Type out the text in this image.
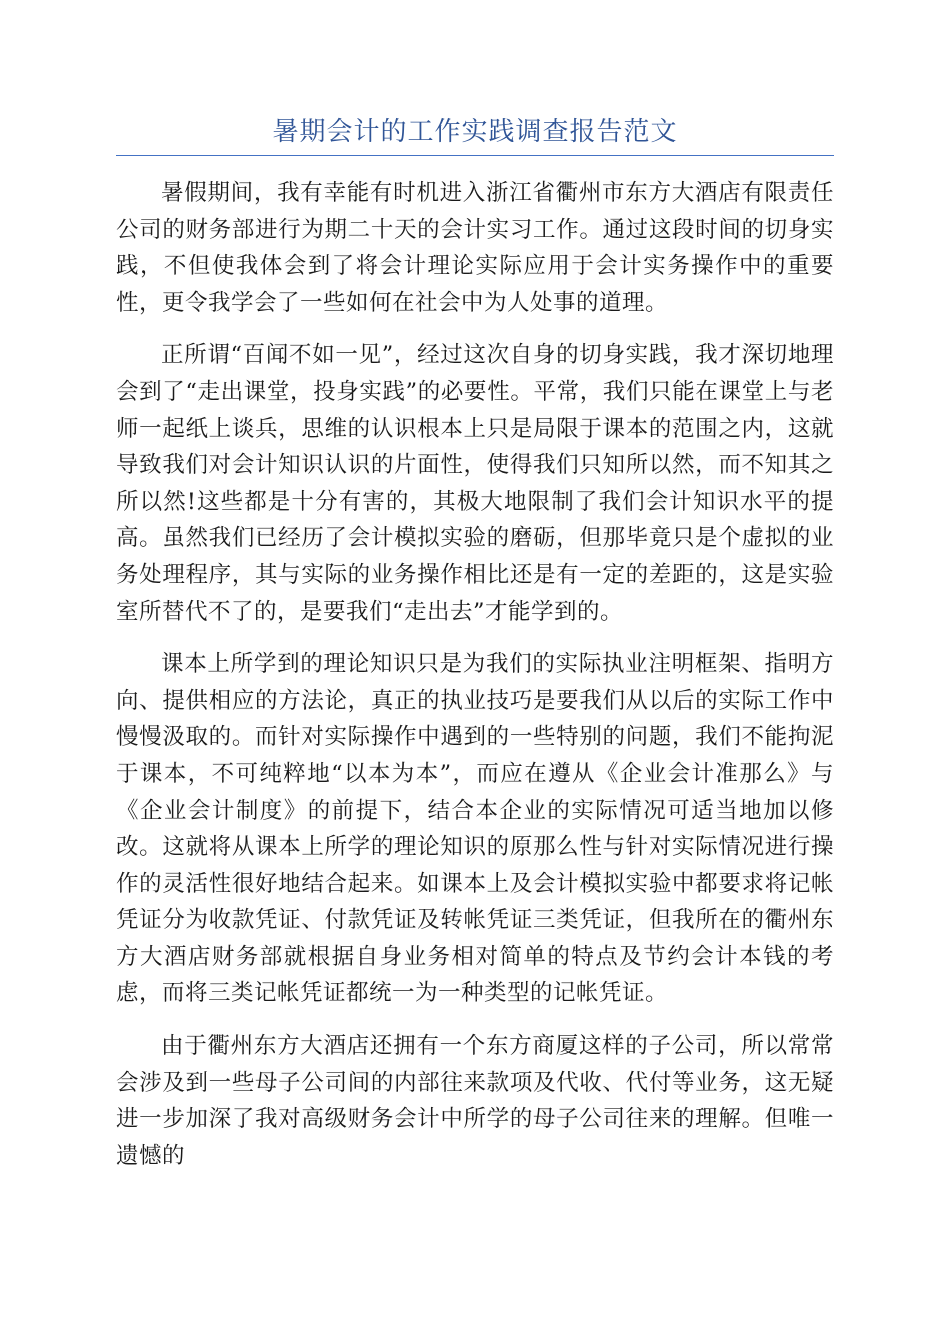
暑期会计的工作实践调查报告范文

暑假期间，我有幸能有时机进入浙江省衢州市东方大酒店有限责任公司的财务部进行为期二十天的会计实习工作。通过这段时间的切身实践，不但使我体会到了将会计理论实际应用于会计实务操作中的重要性，更令我学会了一些如何在社会中为人处事的道理。

正所谓“百闻不如一见”，经过这次自身的切身实践，我才深切地理会到了“走出课堂，投身实践”的必要性。平常，我们只能在课堂上与老师一起纸上谈兵，思维的认识根本上只是局限于课本的范围之内，这就导致我们对会计知识认识的片面性，使得我们只知所以然，而不知其之所以然!这些都是十分有害的，其极大地限制了我们会计知识水平的提高。虽然我们已经历了会计模拟实验的磨砺，但那毕竟只是个虚拟的业务处理程序，其与实际的业务操作相比还是有一定的差距的，这是实验室所替代不了的，是要我们“走出去”才能学到的。

课本上所学到的理论知识只是为我们的实际执业注明框架、指明方向、提供相应的方法论，真正的执业技巧是要我们从以后的实际工作中慢慢汲取的。而针对实际操作中遇到的一些特别的问题，我们不能拘泥于课本，不可纯粹地“以本为本”，而应在遵从《企业会计准那么》与《企业会计制度》的前提下，结合本企业的实际情况可适当地加以修改。这就将从课本上所学的理论知识的原那么性与针对实际情况进行操作的灵活性很好地结合起来。如课本上及会计模拟实验中都要求将记帐凭证分为收款凭证、付款凭证及转帐凭证三类凭证，但我所在的衢州东方大酒店财务部就根据自身业务相对简单的特点及节约会计本钱的考虑，而将三类记帐凭证都统一为一种类型的记帐凭证。

由于衢州东方大酒店还拥有一个东方商厦这样的子公司，所以常常会涉及到一些母子公司间的内部往来款项及代收、代付等业务，这无疑进一步加深了我对高级财务会计中所学的母子公司往来的理解。但唯一遗憾的
